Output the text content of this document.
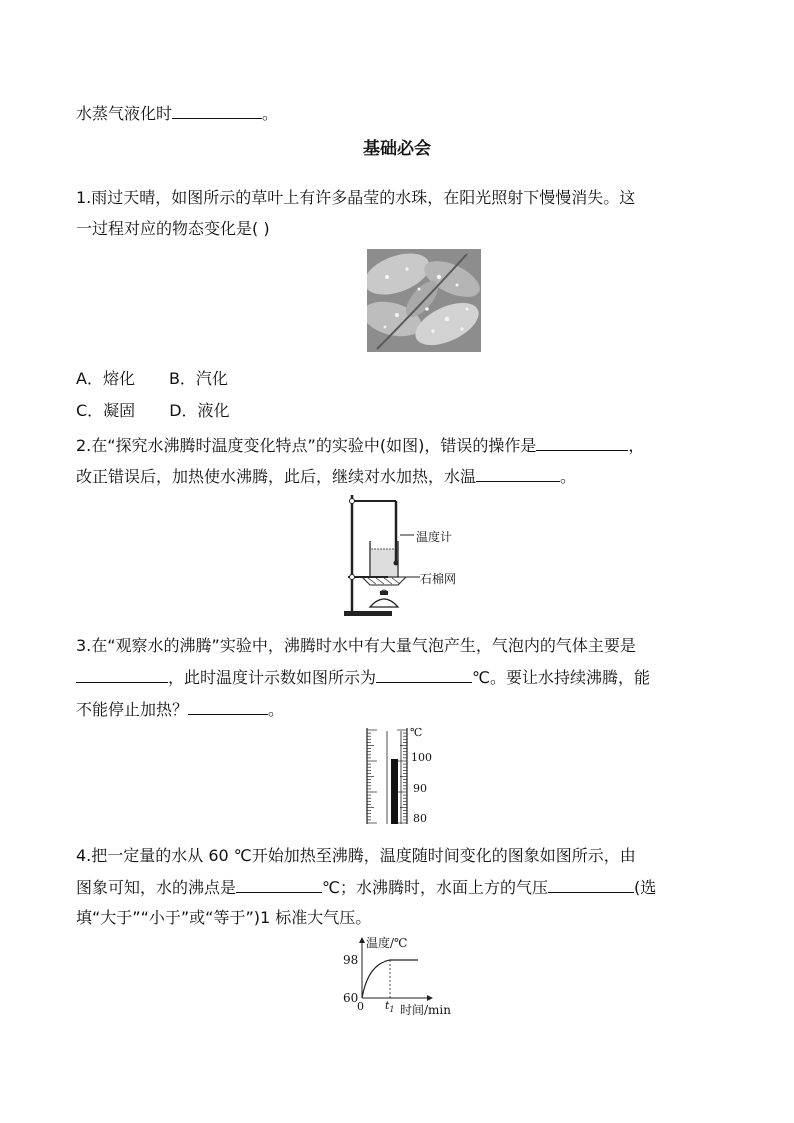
水蒸气液化时	。
基础必会
1.雨过天晴，如图所示的草叶上有许多晶莹的水珠，在阳光照射下慢慢消失。这
一过程对应的物态变化是( )
A．熔化 B．汽化
C．凝固 D．液化
2.在“探究水沸腾时温度变化特点”的实验中(如图)，错误的操作是	，
改正错误后，加热使水沸腾，此后，继续对水加热，水温	。
温度计
石棉网
3.在“观察水的沸腾”实验中，沸腾时水中有大量气泡产生，气泡内的气体主要是
，此时温度计示数如图所示为	℃。要让水持续沸腾，能
不能停止加热？	。
℃
100
90
80
4.把一定量的水从 60 ℃开始加热至沸腾，温度随时间变化的图象如图所示，由
图象可知，水的沸点是	℃；水沸腾时，水面上方的气压	(选
填“大于”“小于”或“等于”)1 标准大气压。
温度/℃
98
60
0 $t_1$ 时间/min
